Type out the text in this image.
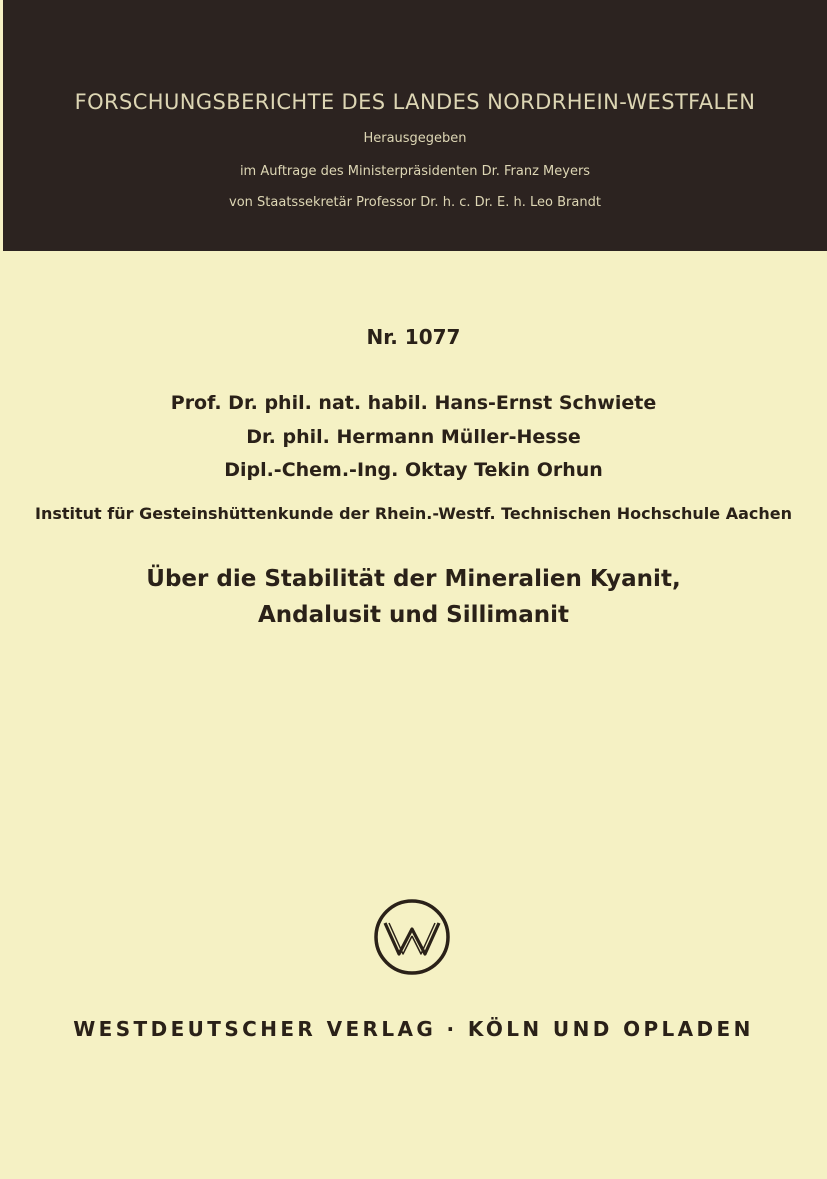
FORSCHUNGSBERICHTE DES LANDES NORDRHEIN-WESTFALEN
Herausgegeben
im Auftrage des Ministerpräsidenten Dr. Franz Meyers
von Staatssekretär Professor Dr. h. c. Dr. E. h. Leo Brandt
Nr. 1077
Prof. Dr. phil. nat. habil. Hans-Ernst Schwiete
Dr. phil. Hermann Müller-Hesse
Dipl.-Chem.-Ing. Oktay Tekin Orhun
Institut für Gesteinshüttenkunde der Rhein.-Westf. Technischen Hochschule Aachen
Über die Stabilität der Mineralien Kyanit,
Andalusit und Sillimanit
WESTDEUTSCHER VERLAG · KÖLN UND OPLADEN
